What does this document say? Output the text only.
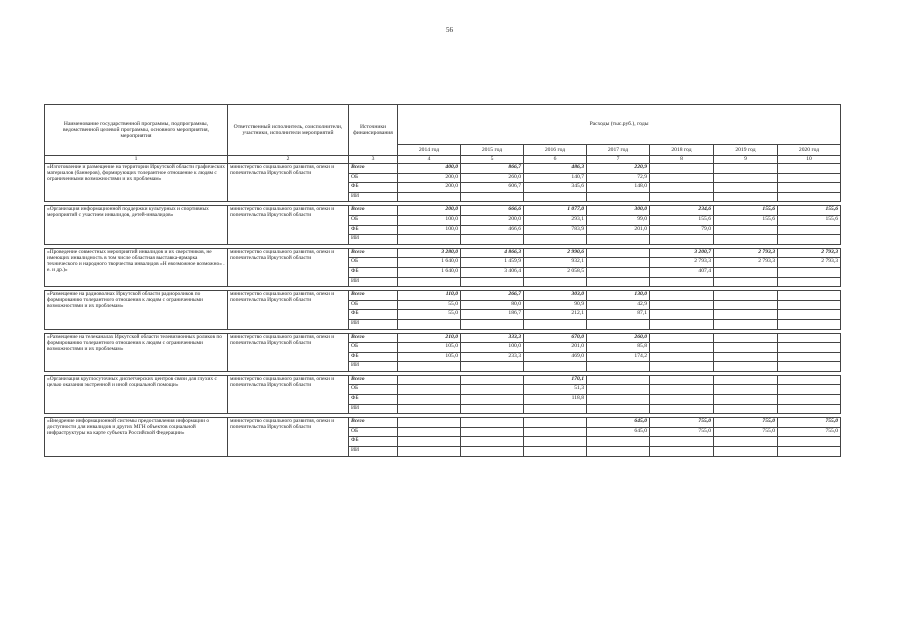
56
Наименование государственной программы, подпрограммы, ведомственной целевой программы, основного мероприятия, мероприятия	Ответственный исполнитель, соисполнители, участники, исполнители мероприятий	Источники финансирования	Расходы (тыс.руб.), годы						
			2014 год	2015 год	2016 год	2017 год	2018 год	2019 год	2020 год
1	2	3	4	5	6	7	8	9	10
«Изготовление и размещение на территории Иркутской области графических материалов (баннеров), формирующих толерантное отношение к людям с ограниченными возможностями и их проблемам»	министерство социального развития, опеки и попечительства Иркутской области	Всего	400,0	866,7	486,3	220,9			
		ОБ	200,0	260,0	140,7	72,9			
		ФБ	200,0	606,7	345,6	148,0			
		ИИ							

«Организация информационной поддержки культурных и спортивных мероприятий с участием инвалидов, детей-инвалидов»	министерство социального развития, опеки и попечительства Иркутской области	Всего	200,0	666,6	1 077,0	300,0	234,6	155,6	155,6
		ОБ	100,0	200,0	293,1	99,0	155,6	155,6	155,6
		ФБ	100,0	466,6	783,9	201,0	79,0		
		ИИ							

«Проведение совместных мероприятий инвалидов и их сверстников, не имеющих инвалидность в том числе областная выставка-ярмарка технического и народного творчества инвалидов «Н евозможное возможно» . е. и др.)»	министерство социального развития, опеки и попечительства Иркутской области	Всего	3 280,0	4 866,3	2 990,6		3 200,7	2 793,3	2 793,3
		ОБ	1 640,0	1 459,9	932,1		2 793,3	2 793,3	2 793,3
		ФБ	1 640,0	3 406,4	2 058,5		407,4		
		ИИ							

«Размещение на радиоволнах Иркутской области радиороликов по формированию толерантного отношения к людям с ограниченными возможностями и их проблемам»	министерство социального развития, опеки и попечительства Иркутской области	Всего	110,0	266,7	303,0	130,0			
		ОБ	55,0	80,0	90,9	42,9			
		ФБ	55,0	186,7	212,1	87,1			
		ИИ							

«Размещение на телеканалах Иркутской области телевизионных роликов по формированию толерантного отношения к людям с ограниченными возможностями и их проблемам»	министерство социального развития, опеки и попечительства Иркутской области	Всего	210,0	333,3	670,0	260,0			
		ОБ	105,0	100,0	201,0	85,8			
		ФБ	105,0	233,3	469,0	174,2			
		ИИ							

«Организация круглосуточных диспетчерских центров связи для глухих с целью оказания экстренной и иной социальной помощи»	министерство социального развития, опеки и попечительства Иркутской области	Всего			170,1				
		ОБ			51,3				
		ФБ			118,8				
		ИИ							

«Внедрение информационной системы предоставления информации о доступности для инвалидов и других МГН объектов социальной инфраструктуры на карте субъекта Российской Федерации»	министерство социального развития, опеки и попечительства Иркутской области	Всего				645,0	755,0	755,0	755,0
		ОБ				645,0	755,0	755,0	755,0
		ФБ							
		ИИ							
